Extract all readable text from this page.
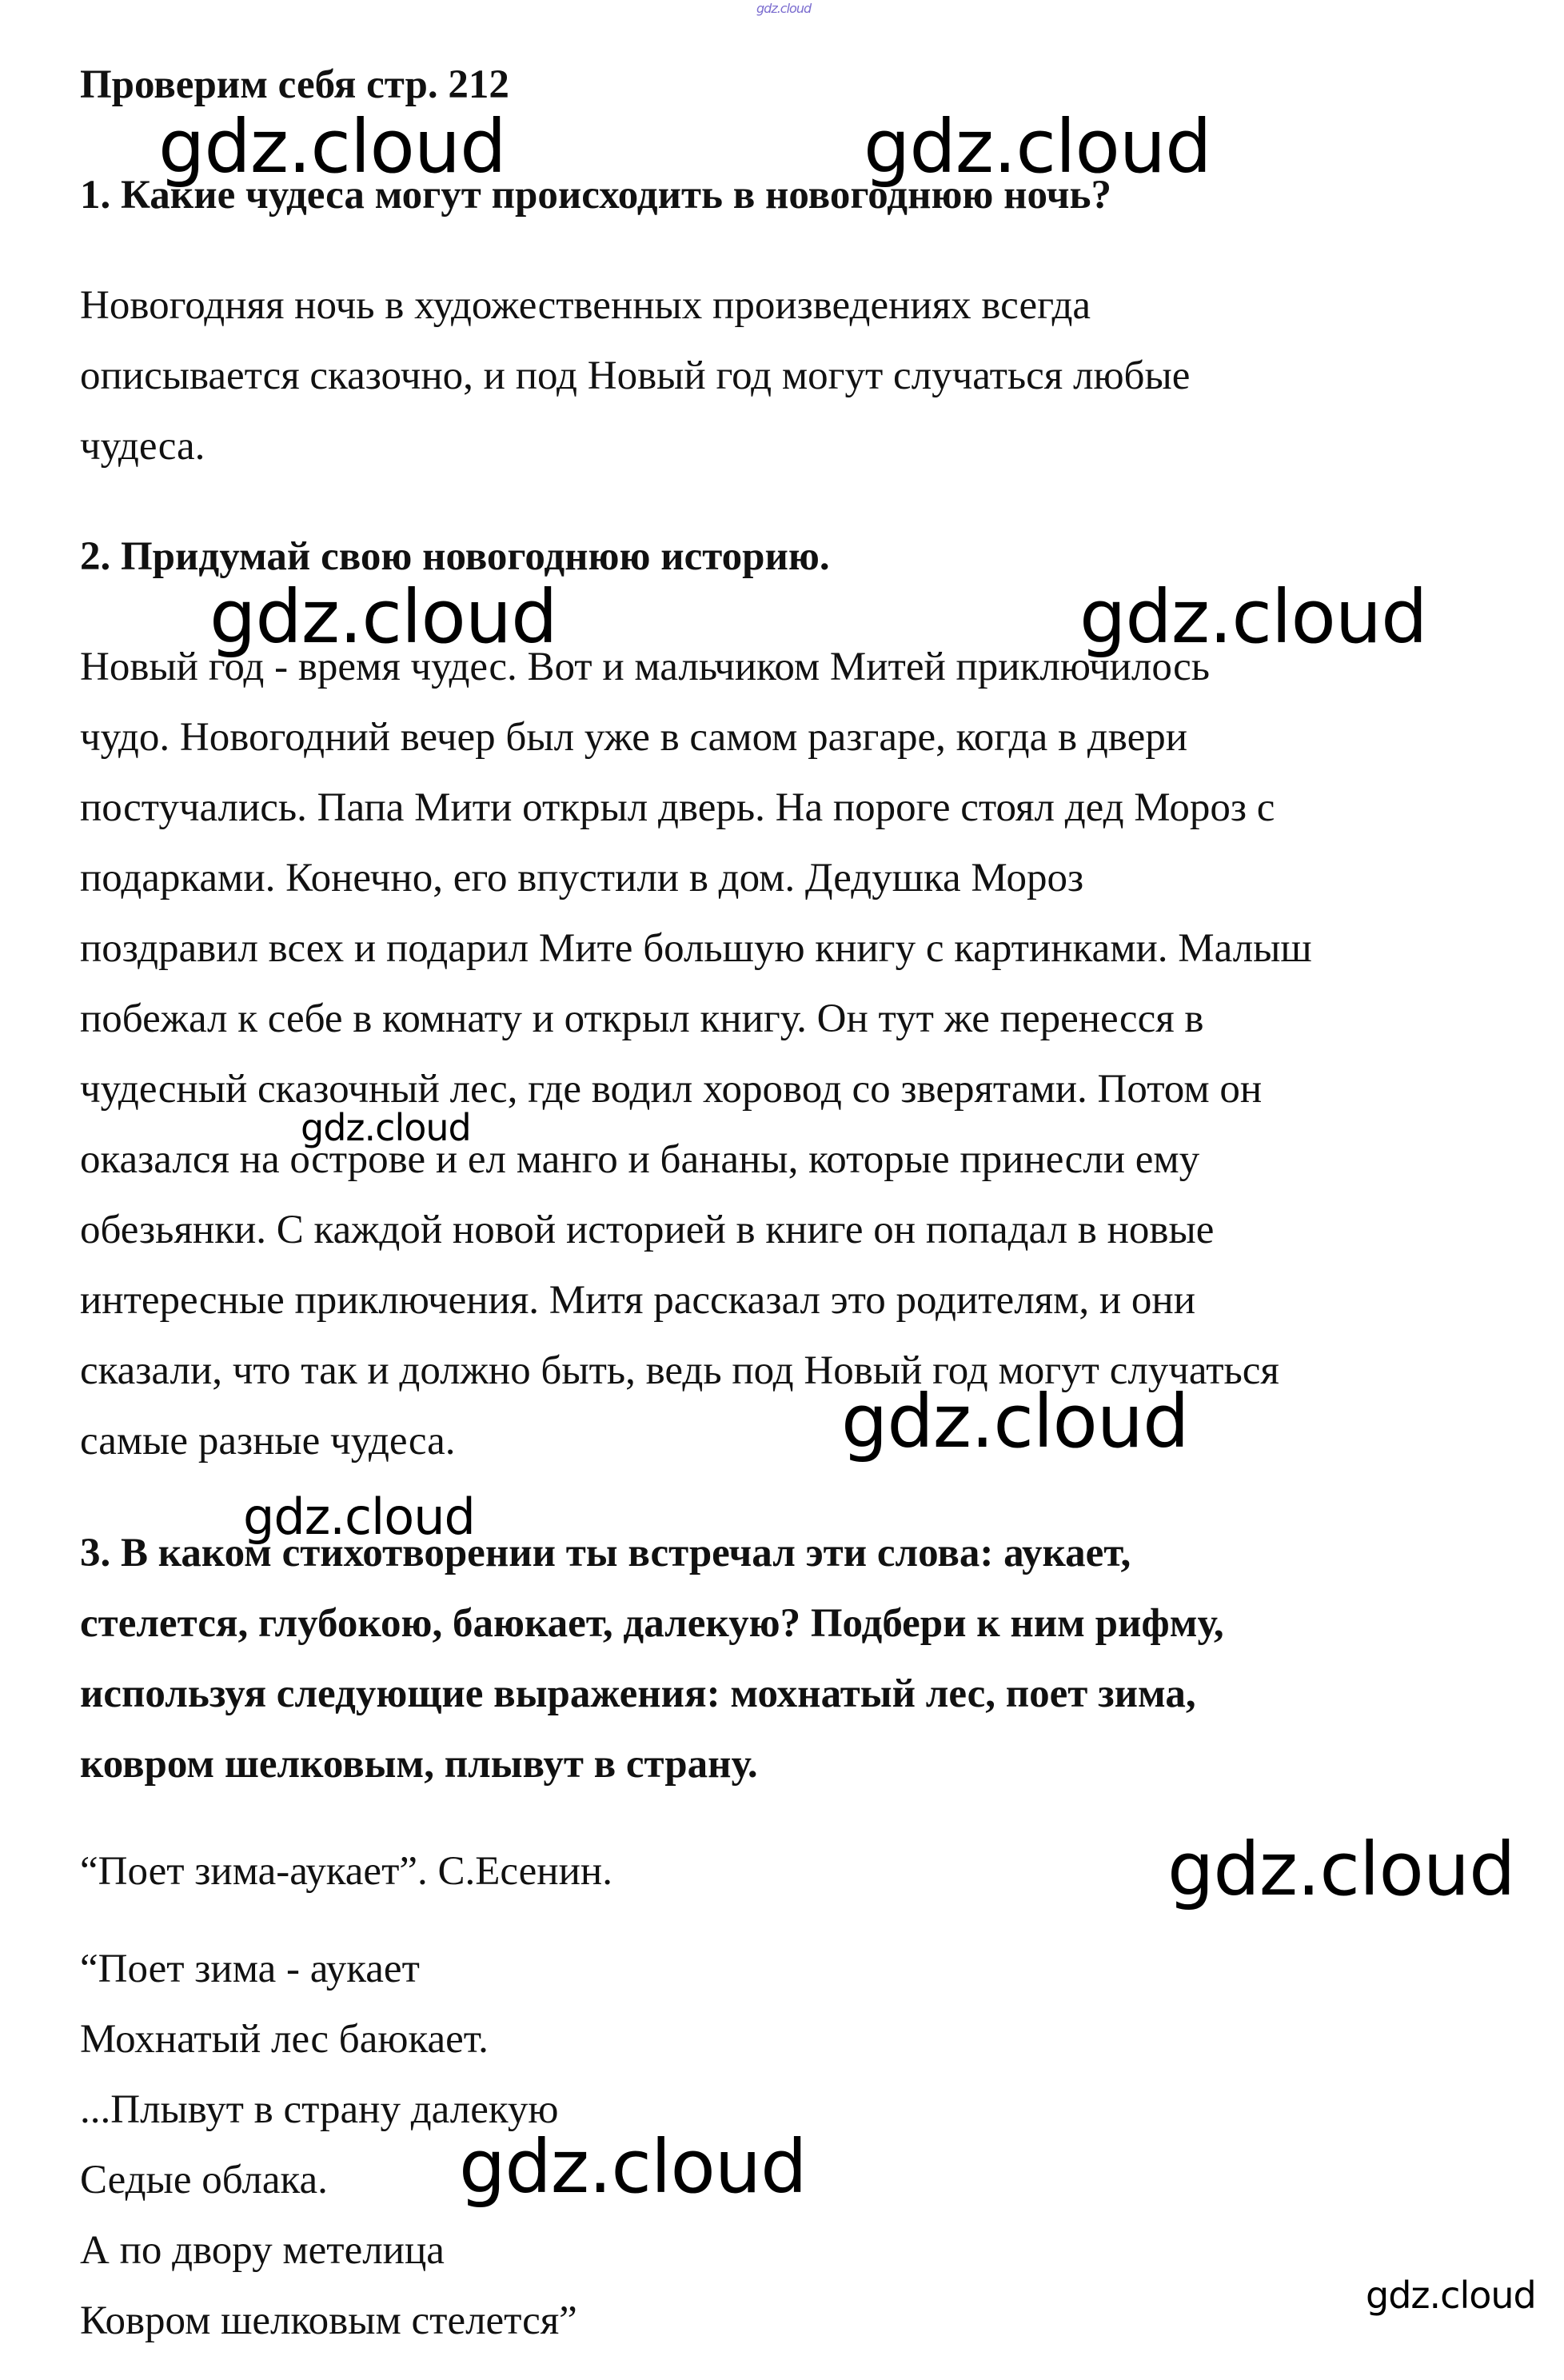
gdz.cloud
Проверим себя стр. 212
gdz.cloud	gdz.cloud
1. Какие чудеса могут происходить в новогоднюю ночь?
Новогодняя ночь в художественных произведениях всегда
описывается сказочно, и под Новый год могут случаться любые
чудеса.
2. Придумай свою новогоднюю историю.
gdz.cloud	gdz.cloud
Новый год - время чудес. Вот и мальчиком Митей приключилось
чудо. Новогодний вечер был уже в самом разгаре, когда в двери
постучались. Папа Мити открыл дверь. На пороге стоял дед Мороз с
подарками. Конечно, его впустили в дом. Дедушка Мороз
поздравил всех и подарил Мите большую книгу с картинками. Малыш
побежал к себе в комнату и открыл книгу. Он тут же перенесся в
чудесный сказочный лес, где водил хоровод со зверятами. Потом он
оказался на острове и ел манго и бананы, которые принесли ему
обезьянки. С каждой новой историей в книге он попадал в новые
интересные приключения. Митя рассказал это родителям, и они
сказали, что так и должно быть, ведь под Новый год могут случаться
самые разные чудеса.
gdz.cloud
gdz.cloud
gdz.cloud
3. В каком стихотворении ты встречал эти слова: аукает,
стелется, глубокою, баюкает, далекую? Подбери к ним рифму,
используя следующие выражения: мохнатый лес, поет зима,
ковром шелковым, плывут в страну.
“Поет зима-аукает”. С.Есенин.	gdz.cloud
“Поет зима - аукает
Мохнатый лес баюкает.
...Плывут в страну далекую
Седые облака.
А по двору метелица
Ковром шелковым стелется”
gdz.cloud
gdz.cloud
